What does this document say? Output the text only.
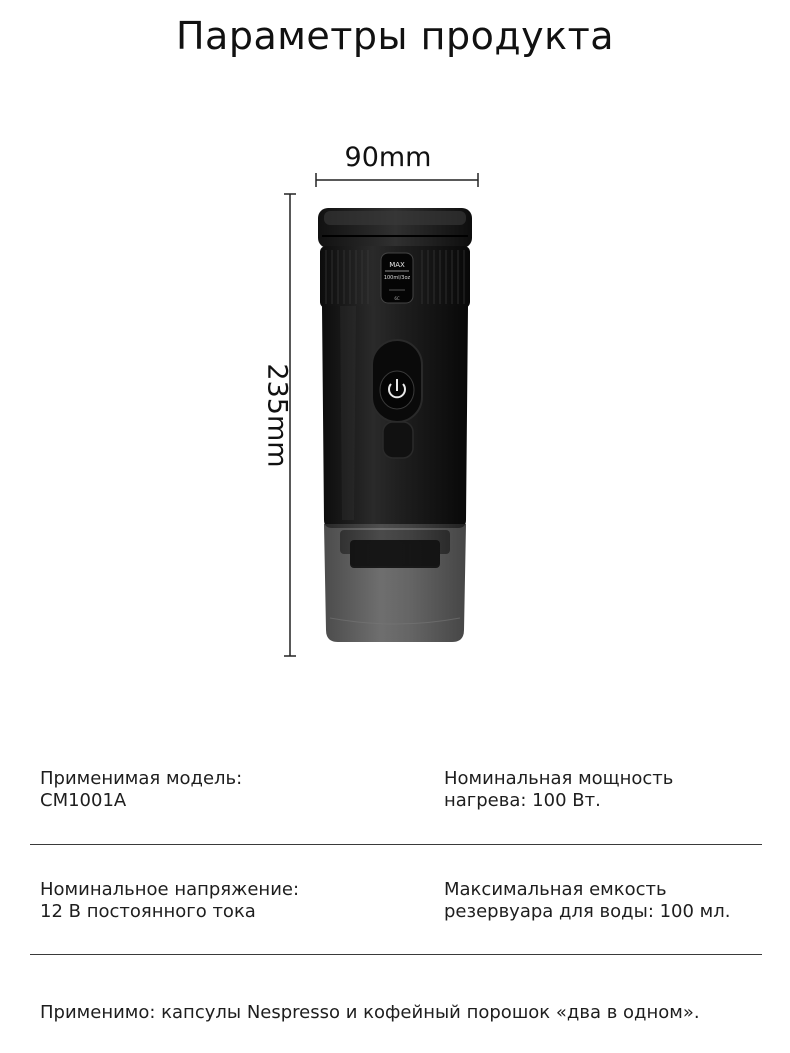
Параметры продукта
MAX
100ml/3oz
6C
90mm
235mm
Применимая модель:
CM1001A
Номинальная мощность
нагрева: 100 Вт.
Номинальное напряжение:
12 В постоянного тока
Максимальная емкость
резервуара для воды: 100 мл.
Применимо: капсулы Nespresso и кофейный порошок «два в одном».
